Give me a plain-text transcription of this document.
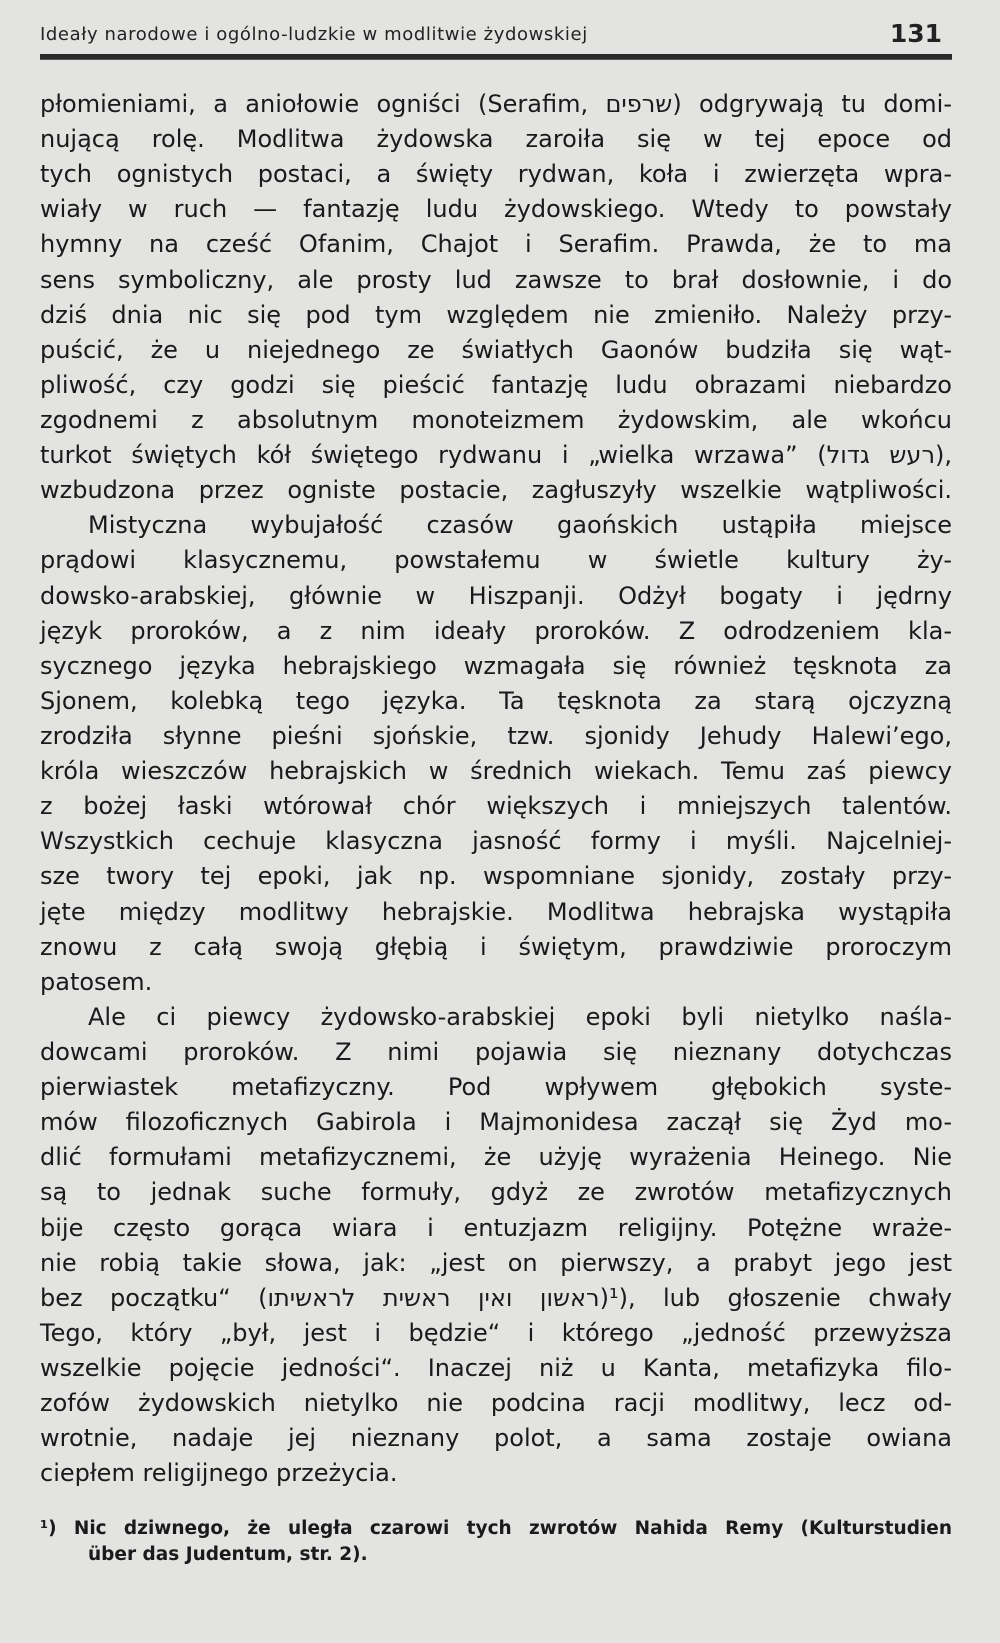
Ideały narodowe i ogólno-ludzkie w modlitwie żydowskiej	131
płomieniami, a aniołowie ogniści (Serafim, שרפים) odgrywają tu domi-
nującą rolę. Modlitwa żydowska zaroiła się w tej epoce od
tych ognistych postaci, a święty rydwan, koła i zwierzęta wpra-
wiały w ruch — fantazję ludu żydowskiego. Wtedy to powstały
hymny na cześć Ofanim, Chajot i Serafim. Prawda, że to ma
sens symboliczny, ale prosty lud zawsze to brał dosłownie, i do
dziś dnia nic się pod tym względem nie zmieniło. Należy przy-
puścić, że u niejednego ze światłych Gaonów budziła się wąt-
pliwość, czy godzi się pieścić fantazję ludu obrazami niebardzo
zgodnemi z absolutnym monoteizmem żydowskim, ale wkońcu
turkot świętych kół świętego rydwanu i „wielka wrzawa” (רעש גדול),
wzbudzona przez ogniste postacie, zagłuszyły wszelkie wątpliwości.
Mistyczna wybujałość czasów gaońskich ustąpiła miejsce
prądowi klasycznemu, powstałemu w świetle kultury ży-
dowsko-arabskiej, głównie w Hiszpanji. Odżył bogaty i jędrny
język proroków, a z nim ideały proroków. Z odrodzeniem kla-
sycznego języka hebrajskiego wzmagała się również tęsknota za
Sjonem, kolebką tego języka. Ta tęsknota za starą ojczyzną
zrodziła słynne pieśni sjońskie, tzw. sjonidy Jehudy Halewi’ego,
króla wieszczów hebrajskich w średnich wiekach. Temu zaś piewcy
z bożej łaski wtórował chór większych i mniejszych talentów.
Wszystkich cechuje klasyczna jasność formy i myśli. Najcelniej-
sze twory tej epoki, jak np. wspomniane sjonidy, zostały przy-
jęte między modlitwy hebrajskie. Modlitwa hebrajska wystąpiła
znowu z całą swoją głębią i świętym, prawdziwie proroczym
patosem.
Ale ci piewcy żydowsko-arabskiej epoki byli nietylko naśla-
dowcami proroków. Z nimi pojawia się nieznany dotychczas
pierwiastek metafizyczny. Pod wpływem głębokich syste-
mów filozoficznych Gabirola i Majmonidesa zaczął się Żyd mo-
dlić formułami metafizycznemi, że użyję wyrażenia Heinego. Nie
są to jednak suche formuły, gdyż ze zwrotów metafizycznych
bije często gorąca wiara i entuzjazm religijny. Potężne wraże-
nie robią takie słowa, jak: „jest on pierwszy, a prabyt jego jest
bez początku“ (ראשון ואין ראשית לראשיתו)¹), lub głoszenie chwały
Tego, który „był, jest i będzie“ i którego „jedność przewyższa
wszelkie pojęcie jedności“. Inaczej niż u Kanta, metafizyka filo-
zofów żydowskich nietylko nie podcina racji modlitwy, lecz od-
wrotnie, nadaje jej nieznany polot, a sama zostaje owiana
ciepłem religijnego przeżycia.
¹) Nic dziwnego, że uległa czarowi tych zwrotów Nahida Remy (Kulturstudien
über das Judentum, str. 2).
